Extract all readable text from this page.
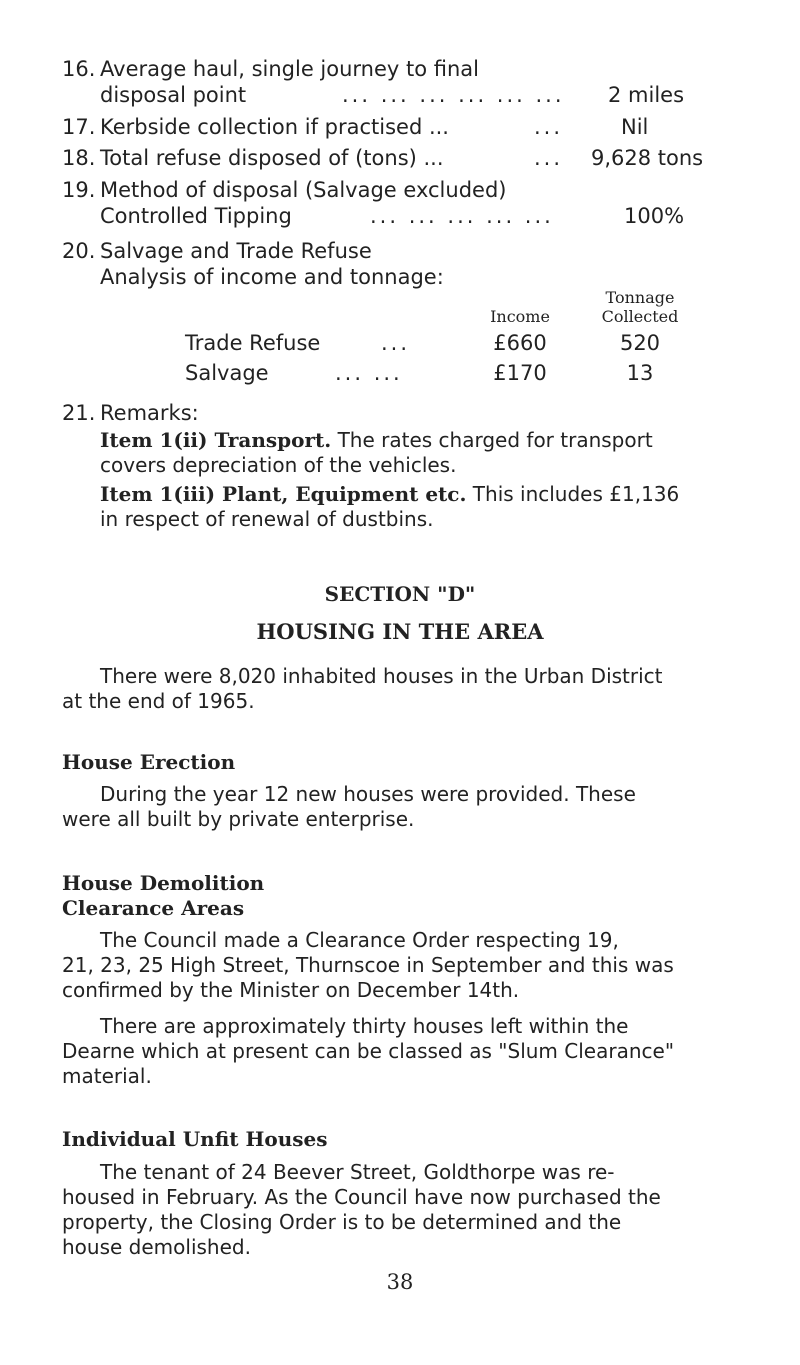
16. Average haul, single journey to final
disposal point	... ... ... ... ... ... 2 miles
17. Kerbside collection if practised ...	...	Nil
18. Total refuse disposed of (tons) ...	... 9,628 tons
19. Method of disposal (Salvage excluded)
Controlled Tipping	... ... ... ... ...	100%
20. Salvage and Trade Refuse
Analysis of income and tonnage:
Tonnage
Income	Collected
Trade Refuse	...	£660	520
Salvage	... ...	£170	13
21. Remarks:
Item 1(ii) Transport. The rates charged for transport
covers depreciation of the vehicles.
Item 1(iii) Plant, Equipment etc. This includes £1,136
in respect of renewal of dustbins.
SECTION "D"
HOUSING IN THE AREA
There were 8,020 inhabited houses in the Urban District
at the end of 1965.
House Erection
During the year 12 new houses were provided. These
were all built by private enterprise.
House Demolition
Clearance Areas
The Council made a Clearance Order respecting 19,
21, 23, 25 High Street, Thurnscoe in September and this was
confirmed by the Minister on December 14th.
There are approximately thirty houses left within the
Dearne which at present can be classed as "Slum Clearance"
material.
Individual Unfit Houses
The tenant of 24 Beever Street, Goldthorpe was re-
housed in February. As the Council have now purchased the
property, the Closing Order is to be determined and the
house demolished.
38
